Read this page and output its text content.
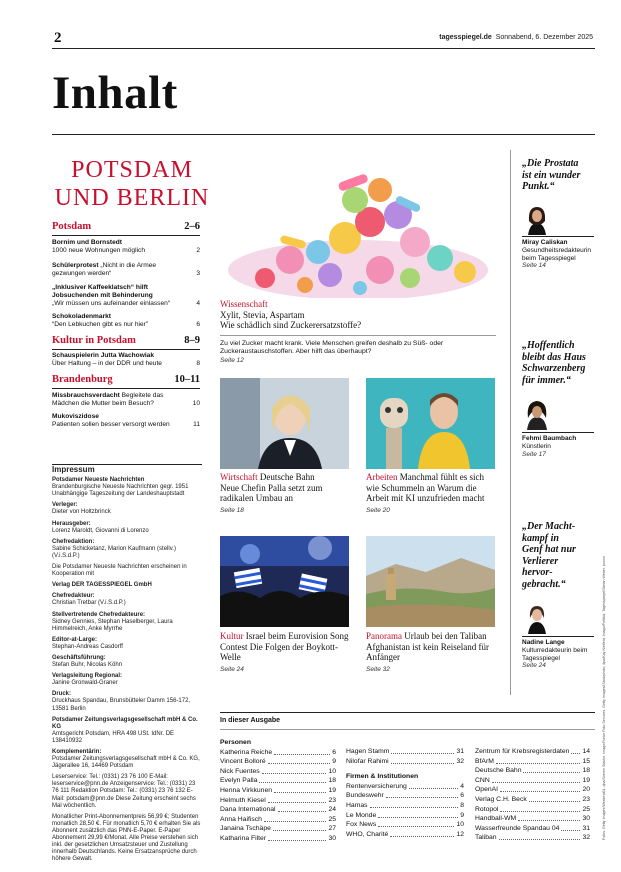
2	tagesspiegel.de Sonnabend, 6. Dezember 2025
Inhalt
POTSDAM
UND BERLIN
Potsdam	2–6
Bornim und Bornstedt
1000 neue Wohnungen möglich	2
Schülerprotest „Nicht in die Armee gezwungen werden“	3
„Inklusiver Kaffeeklatsch“ hilft Jobsuchenden mit Behinderung
„Wir müssen uns aufeinander einlassen“	4
Schokoladenmarkt
“Den Lebkuchen gibt es nur hier”	6
Kultur in Potsdam	8–9
Schauspielerin Jutta Wachowiak
Über Haltung – in der DDR und heute	8
Brandenburg	10–11
Missbrauchsverdacht Begleitete das Mädchen die Mutter beim Besuch?	10
Mukoviszidose
Patienten sollen besser versorgt werden	11
Impressum

Potsdamer Neueste Nachrichten
Brandenburgische Neueste Nachrichten gegr. 1951 Unabhängige Tageszeitung der Landeshauptstadt

Verleger:
Dieter von Holtzbrinck

Herausgeber:
Lorenz Maroldt, Giovanni di Lorenzo

Chefredaktion:
Sabine Schicketanz, Marion Kaufmann (stellv.) (V.i.S.d.P.)

Die Potsdamer Neueste Nachrichten erscheinen in Kooperation mit

Verlag DER TAGESSPIEGEL GmbH

Chefredakteur:
Christian Tretbar (V.i.S.d.P.)

Stellvertretende Chefredakteure:
Sidney Gennies, Stephan Haselberger, Laura Himmelreich, Anke Myrrhe

Editor-at-Large:
Stephan-Andreas Casdorff

Geschäftsführung:
Stefan Buhr, Nicolas Köhn

Verlagsleitung Regional:
Janine Gronwald-Graner

Druck:
Druckhaus Spandau, Brunsbütteler Damm 156-172, 13581 Berlin

Potsdamer Zeitungsverlagsgesellschaft mbH & Co. KG
Amtsgericht Potsdam, HRA 498 USt. IdNr. DE 138410932

Komplementärin:
Potsdamer Zeitungsverlagsgesellschaft mbH & Co. KG, Jägerallee 16, 14469 Potsdam

Leserservice: Tel.: (0331) 23 76 100 E-Mail: leserservice@pnn.de Anzeigenservice: Tel.: (0331) 23 76 111 Redaktion Potsdam: Tel.: (0331) 23 76 132 E-Mail: potsdam@pnn.de Diese Zeitung erscheint sechs Mal wöchentlich.

Monatlicher Print-Abonnementpreis 56,99 €; Studenten monatlich 28,50 €. Für monatlich 5,70 € erhalten Sie als Abonnent zusätzlich das PNN-E-Paper. E-Paper Abonnement 29,99 €/Monat. Alle Preise verstehen sich inkl. der gesetzlichen Umsatzsteuer und Zustellung innerhalb Deutschlands. Keine Ersatzansprüche durch höhere Gewalt.

Wissenschaft
Xylit, Stevia, Aspartam
Wie schädlich sind Zuckerersatzstoffe?
Zu viel Zucker macht krank. Viele Menschen greifen deshalb zu Süß- oder Zuckeraustauschstoffen. Aber hilft das überhaupt?
Seite 12
Wirtschaft Deutsche Bahn
Neue Chefin Palla setzt zum radikalen Umbau an
Seite 18
Arbeiten Manchmal fühlt es sich wie Schummeln an Warum die Arbeit mit KI unzufrieden macht
Seite 20
Kultur Israel beim Eurovision Song Contest Die Folgen der Boykott-Welle
Seite 24
Panorama Urlaub bei den Taliban
Afghanistan ist kein Reiseland für Anfänger
Seite 32
„Die Prostata
ist ein wunder
Punkt.“
Miray Caliskan
Gesundheitsredakteurin beim Tagesspiegel
Seite 14
„Hoffentlich
bleibt das Haus
Schwarzenberg
für immer.“
Fehmi Baumbach
Künstlerin
Seite 17
„Der Macht-
kampf in
Genf hat nur
Verlierer
hervor-
gebracht.“
Nadine Lange
Kulturredakteurin beim Tagesspiegel
Seite 24
In dieser Ausgabe
Personen
Katherina Reiche	6
Vincent Bolloré	9
Nick Fuentes	10
Evelyn Palla	18
Henna Virkkunen	19
Helmuth Kiesel	23
Dana International	24
Anna Haifisch	25
Janaina Tschäpe	27
Katharina Filter	30
Hagen Stamm	31
Nilofar Rahimi	32
Firmen & Institutionen
Rentenversicherung	4
Bundeswehr	6
Hamas	8
Le Monde	9
Fox News	10
WHO, Charité	12
Zentrum für Krebsregisterdaten 14
BfArM	15
Deutsche Bahn	18
CNN	19
OpenAI	20
Verlag C.H. Beck	23
Rotopol	25
Handball-WM	30
Wasserfreunde Spandau 04	31
Taliban	32	Fotos: Getty Images/Westend61, dpa/Soeren Stache, Imago/Funke Foto Services, Getty Images/iStockphoto, dpa/Kay Nietfeld, Imago/Politika, Tagesspiegel/Stefan Weber, promo
